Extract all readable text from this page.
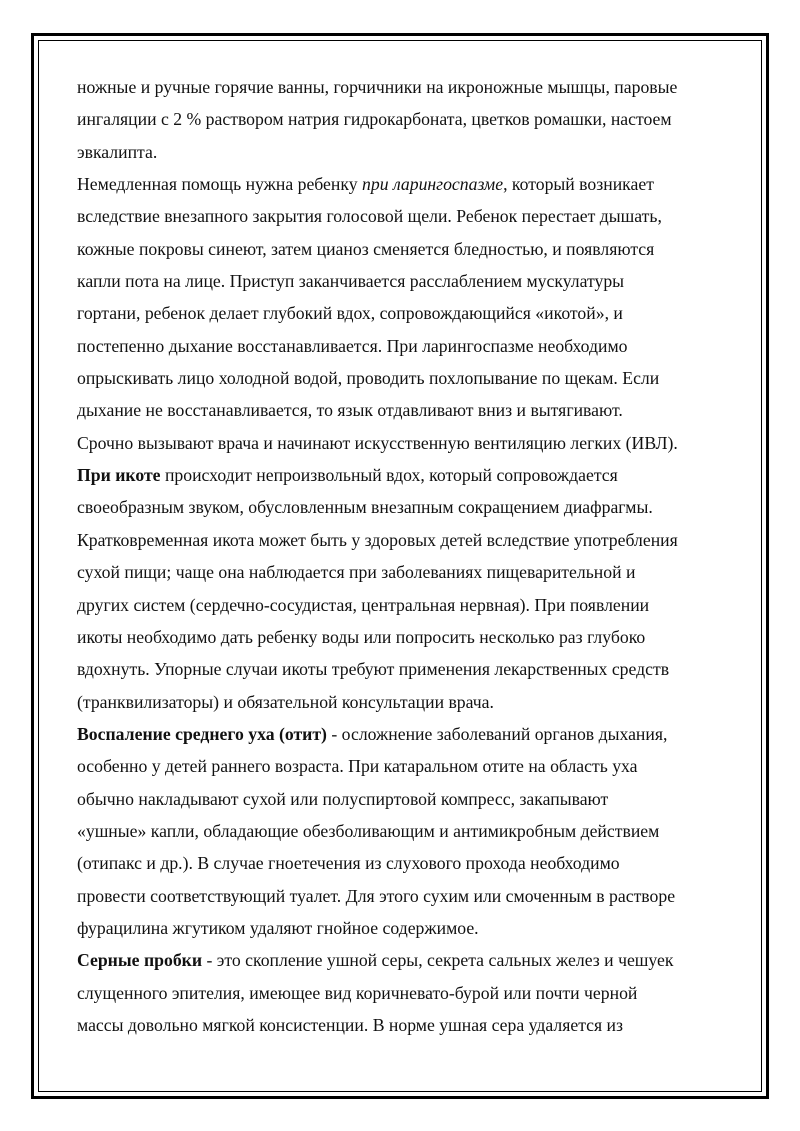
ножные и ручные горячие ванны, горчичники на икроножные мышцы, паровые
ингаляции с 2 % раствором натрия гидрокарбоната, цветков ромашки, настоем
эвкалипта.
Немедленная помощь нужна ребенку при ларингоспазме, который возникает
вследствие внезапного закрытия голосовой щели. Ребенок перестает дышать,
кожные покровы синеют, затем цианоз сменяется бледностью, и появляются
капли пота на лице. Приступ заканчивается расслаблением мускулатуры
гортани, ребенок делает глубокий вдох, сопровождающийся «икотой», и
постепенно дыхание восстанавливается. При ларингоспазме необходимо
опрыскивать лицо холодной водой, проводить похлопывание по щекам. Если
дыхание не восстанавливается, то язык отдавливают вниз и вытягивают.
Срочно вызывают врача и начинают искусственную вентиляцию легких (ИВЛ).
При икоте происходит непроизвольный вдох, который сопровождается
своеобразным звуком, обусловленным внезапным сокращением диафрагмы.
Кратковременная икота может быть у здоровых детей вследствие употребления
сухой пищи; чаще она наблюдается при заболеваниях пищеварительной и
других систем (сердечно-сосудистая, центральная нервная). При появлении
икоты необходимо дать ребенку воды или попросить несколько раз глубоко
вдохнуть. Упорные случаи икоты требуют применения лекарственных средств
(транквилизаторы) и обязательной консультации врача.
Воспаление среднего уха (отит) - осложнение заболеваний органов дыхания,
особенно у детей раннего возраста. При катаральном отите на область уха
обычно накладывают сухой или полуспиртовой компресс, закапывают
«ушные» капли, обладающие обезболивающим и антимикробным действием
(отипакс и др.). В случае гноетечения из слухового прохода необходимо
провести соответствующий туалет. Для этого сухим или смоченным в растворе
фурацилина жгутиком удаляют гнойное содержимое.
Серные пробки - это скопление ушной серы, секрета сальных желез и чешуек
слущенного эпителия, имеющее вид коричневато-бурой или почти черной
массы довольно мягкой консистенции. В норме ушная сера удаляется из
